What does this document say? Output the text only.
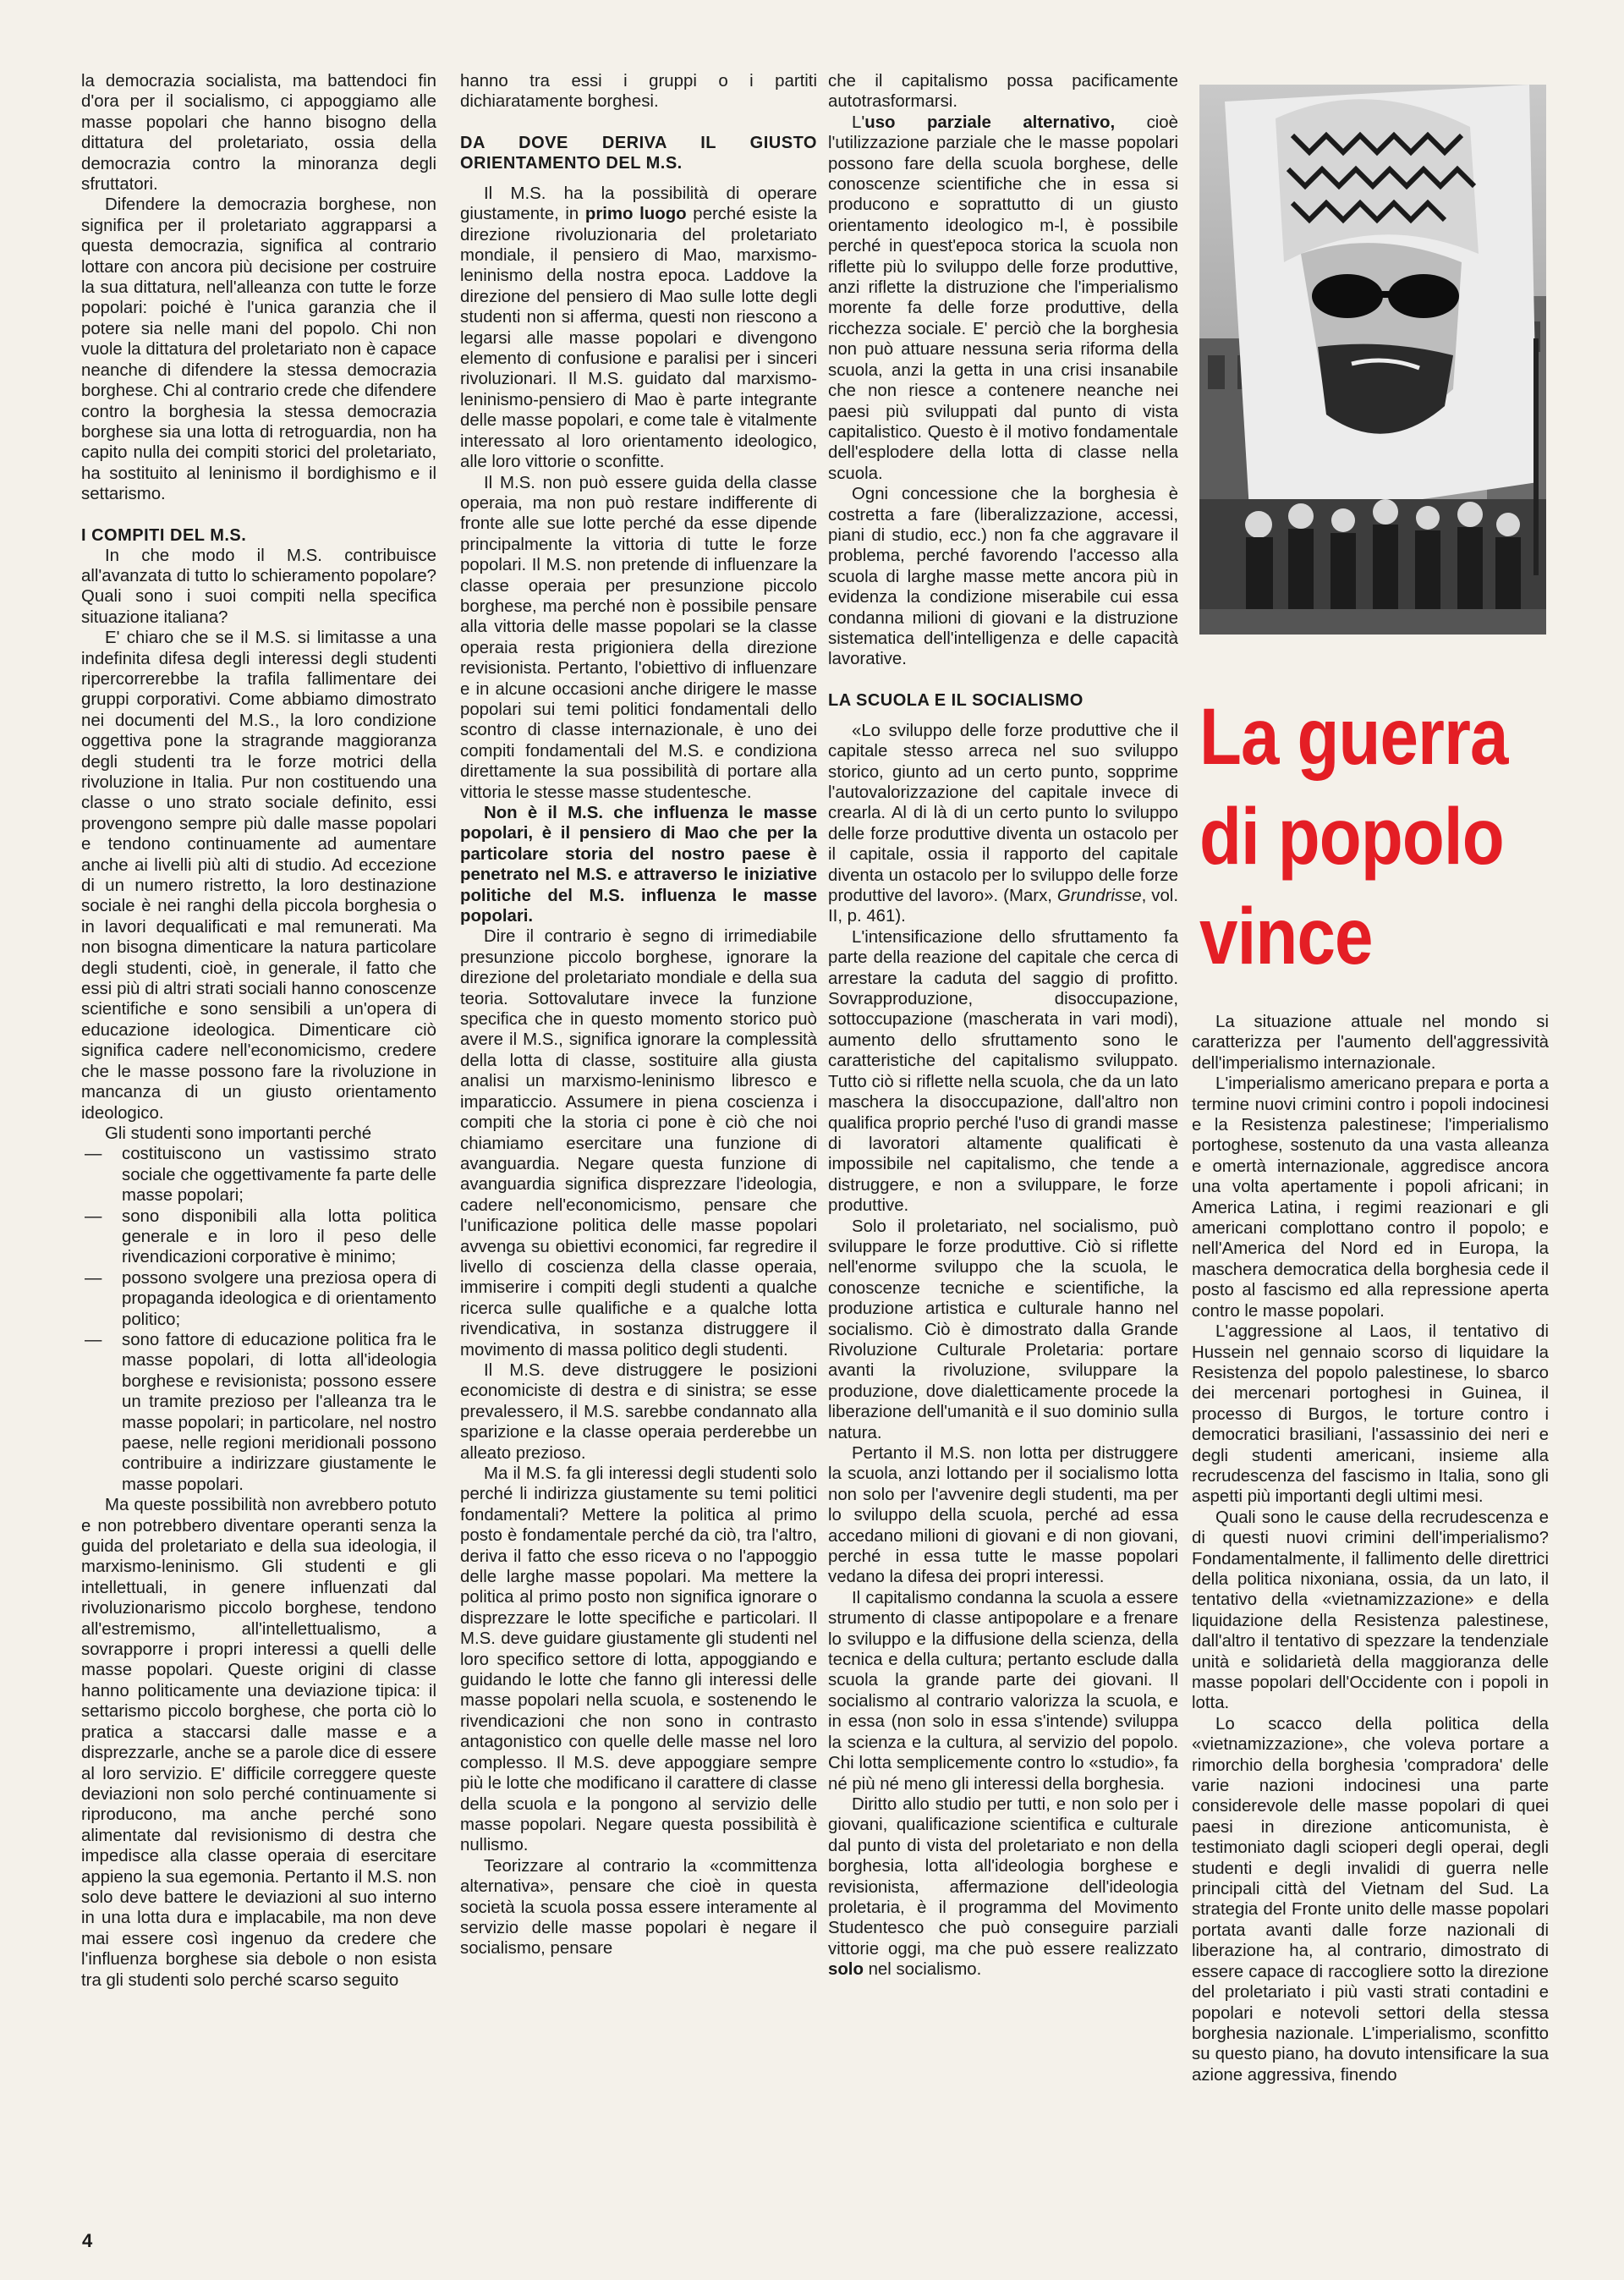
la democrazia socialista, ma battendoci fin d'ora per il socialismo, ci appoggiamo alle masse popolari che hanno bisogno della dittatura del proletariato, ossia della democrazia contro la minoranza degli sfruttatori.

Difendere la democrazia borghese, non significa per il proletariato aggrapparsi a questa democrazia, significa al contrario lottare con ancora più decisione per costruire la sua dittatura, nell'alleanza con tutte le forze popolari: poiché è l'unica garanzia che il potere sia nelle mani del popolo. Chi non vuole la dittatura del proletariato non è capace neanche di difendere la stessa democrazia borghese. Chi al contrario crede che difendere contro la borghesia la stessa democrazia borghese sia una lotta di retroguardia, non ha capito nulla dei compiti storici del proletariato, ha sostituito al leninismo il bordighismo e il settarismo.

I COMPITI DEL M.S.

In che modo il M.S. contribuisce all'avanzata di tutto lo schieramento popolare? Quali sono i suoi compiti nella specifica situazione italiana?

E' chiaro che se il M.S. si limitasse a una indefinita difesa degli interessi degli studenti ripercorrerebbe la trafila fallimentare dei gruppi corporativi. Come abbiamo dimostrato nei documenti del M.S., la loro condizione oggettiva pone la stragrande maggioranza degli studenti tra le forze motrici della rivoluzione in Italia. Pur non costituendo una classe o uno strato sociale definito, essi provengono sempre più dalle masse popolari e tendono continuamente ad aumentare anche ai livelli più alti di studio. Ad eccezione di un numero ristretto, la loro destinazione sociale è nei ranghi della piccola borghesia o in lavori dequalificati e mal remunerati. Ma non bisogna dimenticare la natura particolare degli studenti, cioè, in generale, il fatto che essi più di altri strati sociali hanno conoscenze scientifiche e sono sensibili a un'opera di educazione ideologica. Dimenticare ciò significa cadere nell'economicismo, credere che le masse possono fare la rivoluzione in mancanza di un giusto orientamento ideologico.

Gli studenti sono importanti perché

— costituiscono un vastissimo strato sociale che oggettivamente fa parte delle masse popolari;
— sono disponibili alla lotta politica generale e in loro il peso delle rivendicazioni corporative è minimo;
— possono svolgere una preziosa opera di propaganda ideologica e di orientamento politico;
— sono fattore di educazione politica fra le masse popolari, di lotta all'ideologia borghese e revisionista; possono essere un tramite prezioso per l'alleanza tra le masse popolari; in particolare, nel nostro paese, nelle regioni meridionali possono contribuire a indirizzare giustamente le masse popolari.

Ma queste possibilità non avrebbero potuto e non potrebbero diventare operanti senza la guida del proletariato e della sua ideologia, il marxismo-leninismo. Gli studenti e gli intellettuali, in genere influenzati dal rivoluzionarismo piccolo borghese, tendono all'estremismo, all'intellettualismo, a sovrapporre i propri interessi a quelli delle masse popolari. Queste origini di classe hanno politicamente una deviazione tipica: il settarismo piccolo borghese, che porta ciò lo pratica a staccarsi dalle masse e a disprezzarle, anche se a parole dice di essere al loro servizio. E' difficile correggere queste deviazioni non solo perché continuamente si riproducono, ma anche perché sono alimentate dal revisionismo di destra che impedisce alla classe operaia di esercitare appieno la sua egemonia. Pertanto il M.S. non solo deve battere le deviazioni al suo interno in una lotta dura e implacabile, ma non deve mai essere così ingenuo da credere che l'influenza borghese sia debole o non esista tra gli studenti solo perché scarso seguito

hanno tra essi i gruppi o i partiti dichiaratamente borghesi.

DA DOVE DERIVA IL GIUSTO ORIENTAMENTO DEL M.S.

Il M.S. ha la possibilità di operare giustamente, in primo luogo perché esiste la direzione rivoluzionaria del proletariato mondiale, il pensiero di Mao, marxismo-leninismo della nostra epoca. Laddove la direzione del pensiero di Mao sulle lotte degli studenti non si afferma, questi non riescono a legarsi alle masse popolari e divengono elemento di confusione e paralisi per i sinceri rivoluzionari. Il M.S. guidato dal marxismo-leninismo-pensiero di Mao è parte integrante delle masse popolari, e come tale è vitalmente interessato al loro orientamento ideologico, alle loro vittorie o sconfitte.

Il M.S. non può essere guida della classe operaia, ma non può restare indifferente di fronte alle sue lotte perché da esse dipende principalmente la vittoria di tutte le forze popolari. Il M.S. non pretende di influenzare la classe operaia per presunzione piccolo borghese, ma perché non è possibile pensare alla vittoria delle masse popolari se la classe operaia resta prigioniera della direzione revisionista. Pertanto, l'obiettivo di influenzare e in alcune occasioni anche dirigere le masse popolari sui temi politici fondamentali dello scontro di classe internazionale, è uno dei compiti fondamentali del M.S. e condiziona direttamente la sua possibilità di portare alla vittoria le stesse masse studentesche.

Non è il M.S. che influenza le masse popolari, è il pensiero di Mao che per la particolare storia del nostro paese è penetrato nel M.S. e attraverso le iniziative politiche del M.S. influenza le masse popolari.

Dire il contrario è segno di irrimediabile presunzione piccolo borghese, ignorare la direzione del proletariato mondiale e della sua teoria. Sottovalutare invece la funzione specifica che in questo momento storico può avere il M.S., significa ignorare la complessità della lotta di classe, sostituire alla giusta analisi un marxismo-leninismo libresco e imparaticcio. Assumere in piena coscienza i compiti che la storia ci pone è ciò che noi chiamiamo esercitare una funzione di avanguardia. Negare questa funzione di avanguardia significa disprezzare l'ideologia, cadere nell'economicismo, pensare che l'unificazione politica delle masse popolari avvenga su obiettivi economici, far regredire il livello di coscienza della classe operaia, immiserire i compiti degli studenti a qualche ricerca sulle qualifiche e a qualche lotta rivendicativa, in sostanza distruggere il movimento di massa politico degli studenti.

Il M.S. deve distruggere le posizioni economiciste di destra e di sinistra; se esse prevalessero, il M.S. sarebbe condannato alla sparizione e la classe operaia perderebbe un alleato prezioso.

Ma il M.S. fa gli interessi degli studenti solo perché li indirizza giustamente su temi politici fondamentali? Mettere la politica al primo posto è fondamentale perché da ciò, tra l'altro, deriva il fatto che esso riceva o no l'appoggio delle larghe masse popolari. Ma mettere la politica al primo posto non significa ignorare o disprezzare le lotte specifiche e particolari. Il M.S. deve guidare giustamente gli studenti nel loro specifico settore di lotta, appoggiando e guidando le lotte che fanno gli interessi delle masse popolari nella scuola, e sostenendo le rivendicazioni che non sono in contrasto antagonistico con quelle delle masse nel loro complesso. Il M.S. deve appoggiare sempre più le lotte che modificano il carattere di classe della scuola e la pongono al servizio delle masse popolari. Negare questa possibilità è nullismo.

Teorizzare al contrario la «committenza alternativa», pensare che cioè in questa società la scuola possa essere interamente al servizio delle masse popolari è negare il socialismo, pensare

che il capitalismo possa pacificamente autotrasformarsi.

L'uso parziale alternativo, cioè l'utilizzazione parziale che le masse popolari possono fare della scuola borghese, delle conoscenze scientifiche che in essa si producono e soprattutto di un giusto orientamento ideologico m-l, è possibile perché in quest'epoca storica la scuola non riflette più lo sviluppo delle forze produttive, anzi riflette la distruzione che l'imperialismo morente fa delle forze produttive, della ricchezza sociale. E' perciò che la borghesia non può attuare nessuna seria riforma della scuola, anzi la getta in una crisi insanabile che non riesce a contenere neanche nei paesi più sviluppati dal punto di vista capitalistico. Questo è il motivo fondamentale dell'esplodere della lotta di classe nella scuola.

Ogni concessione che la borghesia è costretta a fare (liberalizzazione, accessi, piani di studio, ecc.) non fa che aggravare il problema, perché favorendo l'accesso alla scuola di larghe masse mette ancora più in evidenza la condizione miserabile cui essa condanna milioni di giovani e la distruzione sistematica dell'intelligenza e delle capacità lavorative.

LA SCUOLA E IL SOCIALISMO

«Lo sviluppo delle forze produttive che il capitale stesso arreca nel suo sviluppo storico, giunto ad un certo punto, sopprime l'autovalorizzazione del capitale invece di crearla. Al di là di un certo punto lo sviluppo delle forze produttive diventa un ostacolo per il capitale, ossia il rapporto del capitale diventa un ostacolo per lo sviluppo delle forze produttive del lavoro». (Marx, Grundrisse, vol. II, p. 461).

L'intensificazione dello sfruttamento fa parte della reazione del capitale che cerca di arrestare la caduta del saggio di profitto. Sovrapproduzione, disoccupazione, sottoccupazione (mascherata in vari modi), aumento dello sfruttamento sono le caratteristiche del capitalismo sviluppato. Tutto ciò si riflette nella scuola, che da un lato maschera la disoccupazione, dall'altro non qualifica proprio perché l'uso di grandi masse di lavoratori altamente qualificati è impossibile nel capitalismo, che tende a distruggere, e non a sviluppare, le forze produttive.

Solo il proletariato, nel socialismo, può sviluppare le forze produttive. Ciò si riflette nell'enorme sviluppo che la scuola, le conoscenze tecniche e scientifiche, la produzione artistica e culturale hanno nel socialismo. Ciò è dimostrato dalla Grande Rivoluzione Culturale Proletaria: portare avanti la rivoluzione, sviluppare la produzione, dove dialetticamente procede la liberazione dell'umanità e il suo dominio sulla natura.

Pertanto il M.S. non lotta per distruggere la scuola, anzi lottando per il socialismo lotta non solo per l'avvenire degli studenti, ma per lo sviluppo della scuola, perché ad essa accedano milioni di giovani e di non giovani, perché in essa tutte le masse popolari vedano la difesa dei propri interessi.

Il capitalismo condanna la scuola a essere strumento di classe antipopolare e a frenare lo sviluppo e la diffusione della scienza, della tecnica e della cultura; pertanto esclude dalla scuola la grande parte dei giovani. Il socialismo al contrario valorizza la scuola, e in essa (non solo in essa s'intende) sviluppa la scienza e la cultura, al servizio del popolo. Chi lotta semplicemente contro lo «studio», fa né più né meno gli interessi della borghesia.

Diritto allo studio per tutti, e non solo per i giovani, qualificazione scientifica e culturale dal punto di vista del proletariato e non della borghesia, lotta all'ideologia borghese e revisionista, affermazione dell'ideologia proletaria, è il programma del Movimento Studentesco che può conseguire parziali vittorie oggi, ma che può essere realizzato solo nel socialismo.

La guerra
di popolo
vince

La situazione attuale nel mondo si caratterizza per l'aumento dell'aggressività dell'imperialismo internazionale.

L'imperialismo americano prepara e porta a termine nuovi crimini contro i popoli indocinesi e la Resistenza palestinese; l'imperialismo portoghese, sostenuto da una vasta alleanza e omertà internazionale, aggredisce ancora una volta apertamente i popoli africani; in America Latina, i regimi reazionari e gli americani complottano contro il popolo; e nell'America del Nord ed in Europa, la maschera democratica della borghesia cede il posto al fascismo ed alla repressione aperta contro le masse popolari.

L'aggressione al Laos, il tentativo di Hussein nel gennaio scorso di liquidare la Resistenza del popolo palestinese, lo sbarco dei mercenari portoghesi in Guinea, il processo di Burgos, le torture contro i democratici brasiliani, l'assassinio dei neri e degli studenti americani, insieme alla recrudescenza del fascismo in Italia, sono gli aspetti più importanti degli ultimi mesi.

Quali sono le cause della recrudescenza e di questi nuovi crimini dell'imperialismo? Fondamentalmente, il fallimento delle direttrici della politica nixoniana, ossia, da un lato, il tentativo della «vietnamizzazione» e della liquidazione della Resistenza palestinese, dall'altro il tentativo di spezzare la tendenziale unità e solidarietà della maggioranza delle masse popolari dell'Occidente con i popoli in lotta.

Lo scacco della politica della «vietnamizzazione», che voleva portare a rimorchio della borghesia 'compradora' delle varie nazioni indocinesi una parte considerevole delle masse popolari di quei paesi in direzione anticomunista, è testimoniato dagli scioperi degli operai, degli studenti e degli invalidi di guerra nelle principali città del Vietnam del Sud. La strategia del Fronte unito delle masse popolari portata avanti dalle forze nazionali di liberazione ha, al contrario, dimostrato di essere capace di raccogliere sotto la direzione del proletariato i più vasti strati contadini e popolari e notevoli settori della stessa borghesia nazionale. L'imperialismo, sconfitto su questo piano, ha dovuto intensificare la sua azione aggressiva, finendo

4
